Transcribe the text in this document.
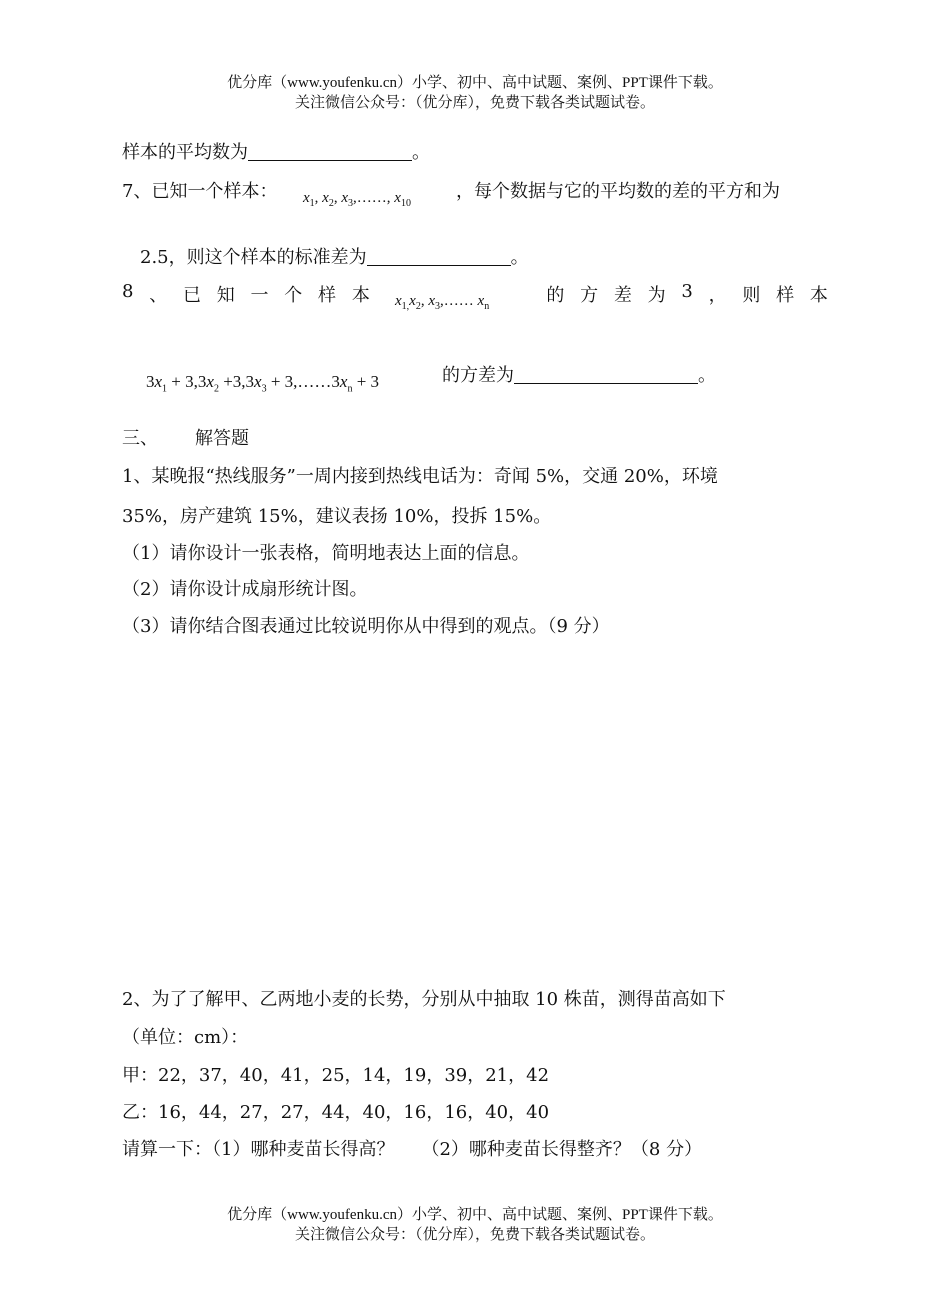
优分库（www.youfenku.cn）小学、初中、高中试题、案例、PPT课件下载。
关注微信公众号：（优分库），免费下载各类试题试卷。
样本的平均数为	。
7、已知一个样本： $x_1$, $x_2$, $x_3,\dots\dots$, $x_{10}$
，每个数据与它的平均数的差的平方和为
2.5，则这个样本的标准差为	。
8 、 已 知 一 个 样 本	的 方 差 为 3 ， 则 样 本
$x_{1,}x_2$, $x_3,\dots\dots$ $x_n$
$3x_1 + 3,3x_2 +3,3x_3$ + $3,\dots\dots 3x_n + 3$	的方差为	。
三、 解答题
1、某晚报“热线服务”一周内接到热线电话为：奇闻 5%，交通 20%，环境
35%，房产建筑 15%，建议表扬 10%，投拆 15%。
（1）请你设计一张表格，简明地表达上面的信息。
（2）请你设计成扇形统计图。
（3）请你结合图表通过比较说明你从中得到的观点。（9 分）
2、为了了解甲、乙两地小麦的长势，分别从中抽取 10 株苗，测得苗高如下
（单位：cm）：
甲：22，37，40，41，25，14，19，39，21，42
乙：16，44，27，27，44，40，16，16，40，40
请算一下：（1）哪种麦苗长得高？　　（2）哪种麦苗长得整齐？（8 分）
优分库（www.youfenku.cn）小学、初中、高中试题、案例、PPT课件下载。
关注微信公众号：（优分库），免费下载各类试题试卷。
